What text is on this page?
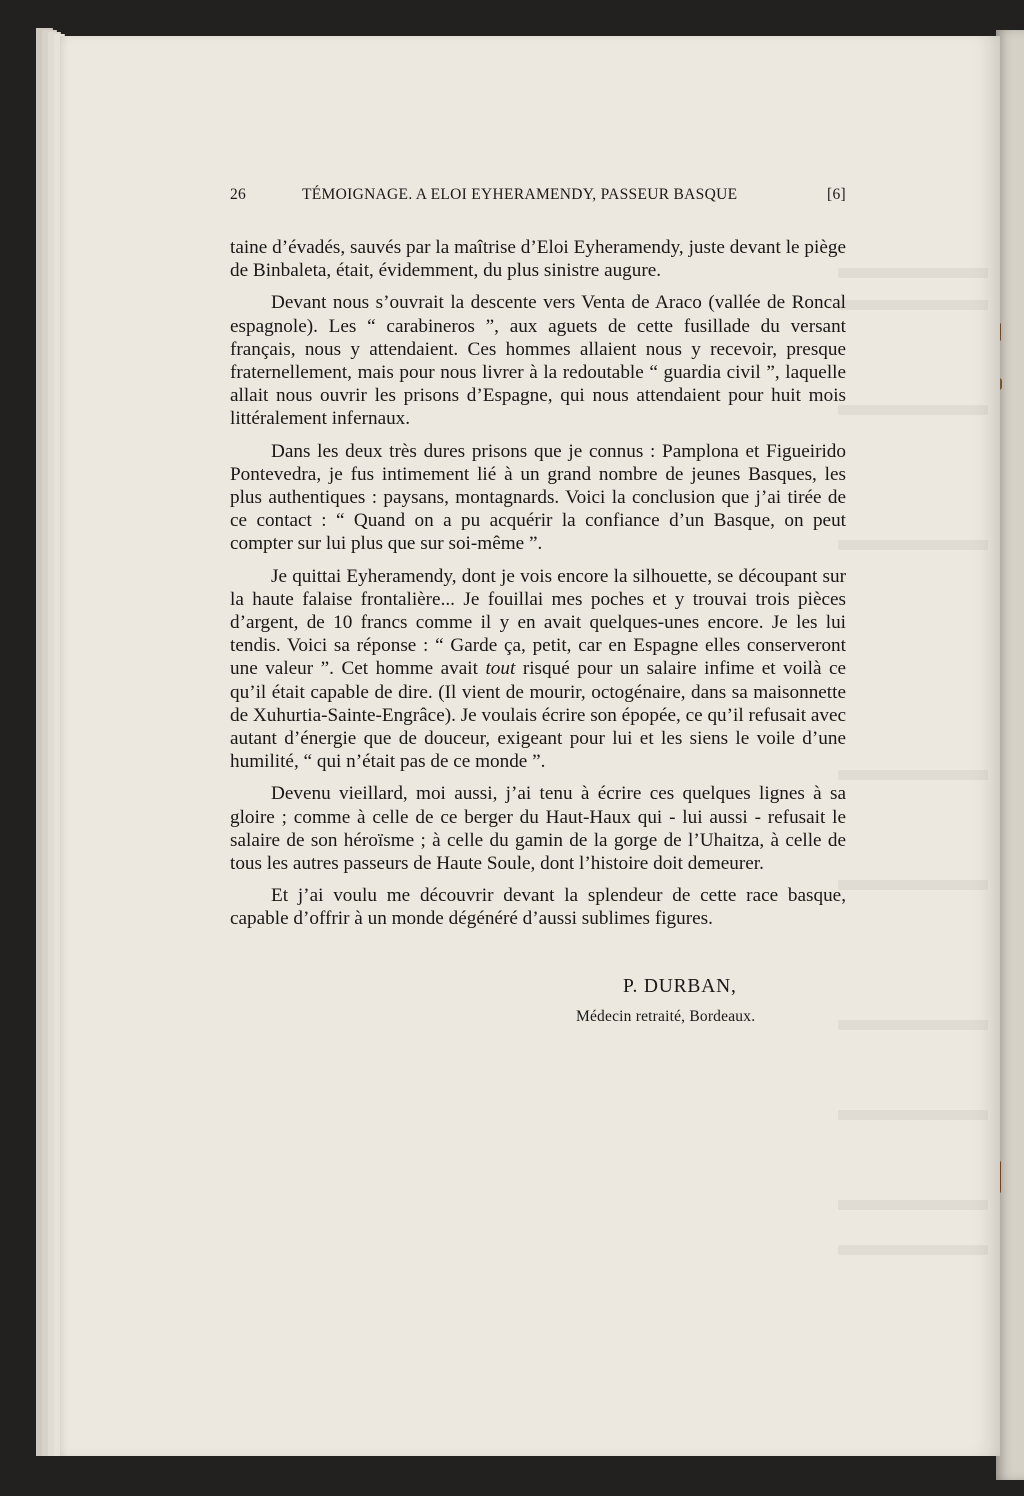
26	TÉMOIGNAGE. A ELOI EYHERAMENDY, PASSEUR BASQUE	[6]

taine d’évadés, sauvés par la maîtrise d’Eloi Eyheramendy, juste devant le piège de Binbaleta, était, évidemment, du plus sinistre augure.

Devant nous s’ouvrait la descente vers Venta de Araco (vallée de Roncal espagnole). Les “ carabineros ”, aux aguets de cette fusillade du versant français, nous y attendaient. Ces hommes allaient nous y recevoir, presque fraternellement, mais pour nous livrer à la redoutable “ guardia civil ”, laquelle allait nous ouvrir les prisons d’Espagne, qui nous attendaient pour huit mois littéralement infernaux.

Dans les deux très dures prisons que je connus : Pamplona et Figueirido Pontevedra, je fus intimement lié à un grand nombre de jeunes Basques, les plus authentiques : paysans, montagnards. Voici la conclusion que j’ai tirée de ce contact : “ Quand on a pu acquérir la confiance d’un Basque, on peut compter sur lui plus que sur soi-même ”.

Je quittai Eyheramendy, dont je vois encore la silhouette, se découpant sur la haute falaise frontalière... Je fouillai mes poches et y trouvai trois pièces d’argent, de 10 francs comme il y en avait quelques-unes encore. Je les lui tendis. Voici sa réponse : “ Garde ça, petit, car en Espagne elles conserveront une valeur ”. Cet homme avait tout risqué pour un salaire infime et voilà ce qu’il était capable de dire. (Il vient de mourir, octogénaire, dans sa maisonnette de Xuhurtia-Sainte-Engrâce). Je voulais écrire son épopée, ce qu’il refusait avec autant d’énergie que de douceur, exigeant pour lui et les siens le voile d’une humilité, “ qui n’était pas de ce monde ”.

Devenu vieillard, moi aussi, j’ai tenu à écrire ces quelques lignes à sa gloire ; comme à celle de ce berger du Haut-Haux qui - lui aussi - refusait le salaire de son héroïsme ; à celle du gamin de la gorge de l’Uhaitza, à celle de tous les autres passeurs de Haute Soule, dont l’histoire doit demeurer.

Et j’ai voulu me découvrir devant la splendeur de cette race basque, capable d’offrir à un monde dégénéré d’aussi sublimes figures.

P. DURBAN,
Médecin retraité, Bordeaux.
